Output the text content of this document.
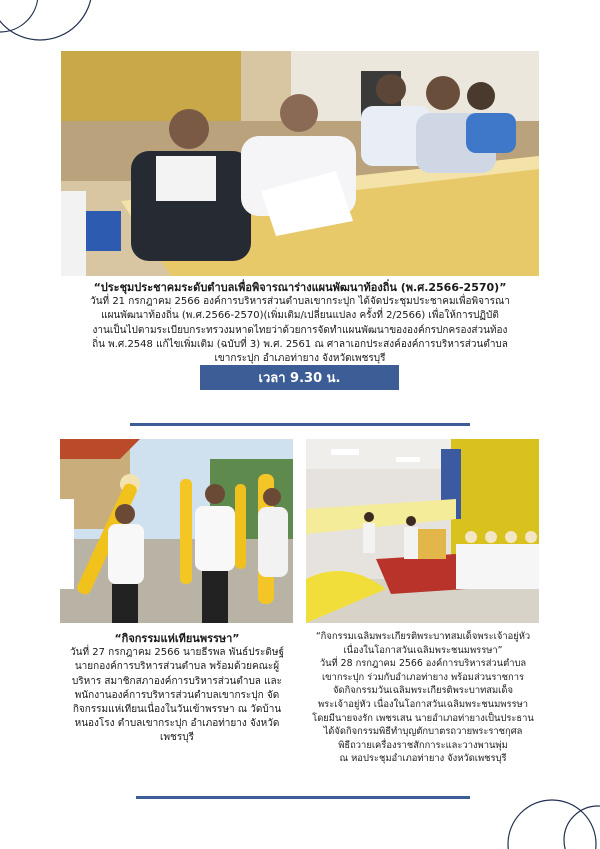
“ประชุมประชาคมระดับตำบลเพื่อพิจารณาร่างแผนพัฒนาท้องถิ่น (พ.ศ.2566-2570)”
วันที่ 21 กรกฎาคม 2566 องค์การบริหารส่วนตำบลเขากระปุก ได้จัดประชุมประชาคมเพื่อพิจารณา
แผนพัฒนาท้องถิ่น (พ.ศ.2566-2570)(เพิ่มเติม/เปลี่ยนแปลง ครั้งที่ 2/2566) เพื่อให้การปฏิบัติ
งานเป็นไปตามระเบียบกระทรวงมหาดไทยว่าด้วยการจัดทำแผนพัฒนาขององค์กรปกครองส่วนท้อง
ถิ่น พ.ศ.2548 แก้ไขเพิ่มเติม (ฉบับที่ 3) พ.ศ. 2561 ณ ศาลาเอกประสงค์องค์การบริหารส่วนตำบล
เขากระปุก อำเภอท่ายาง จังหวัดเพชรบุรี
เวลา 9.30 น.
“กิจกรรมแห่เทียนพรรษา”
วันที่ 27 กรกฎาคม 2566 นายธีรพล พันธ์ประดิษฐ์
นายกองค์การบริหารส่วนตำบล พร้อมด้วยคณะผู้
บริหาร สมาชิกสภาองค์การบริหารส่วนตำบล และ
พนักงานองค์การบริหารส่วนตำบลเขากระปุก จัด
กิจกรรมแห่เทียนเนื่องในวันเข้าพรรษา ณ วัดบ้าน
หนองโรง ตำบลเขากระปุก อำเภอท่ายาง จังหวัด
เพชรบุรี
“กิจกรรมเฉลิมพระเกียรติพระบาทสมเด็จพระเจ้าอยู่หัว
เนื่องในโอกาสวันเฉลิมพระชนมพรรษา”
วันที่ 28 กรกฎาคม 2566 องค์การบริหารส่วนตำบล
เขากระปุก ร่วมกับอำเภอท่ายาง พร้อมส่วนราชการ
จัดกิจกรรมวันเฉลิมพระเกียรติพระบาทสมเด็จ
พระเจ้าอยู่หัว เนื่องในโอกาสวันเฉลิมพระชนมพรรษา
โดยมีนายจงรัก เพชรเสน นายอำเภอท่ายางเป็นประธาน
ได้จัดกิจกรรมพิธีทำบุญตักบาตรถวายพระราชกุศล
พิธีถวายเครื่องราชสักการะและวางพานพุ่ม
ณ หอประชุมอำเภอท่ายาง จังหวัดเพชรบุรี
